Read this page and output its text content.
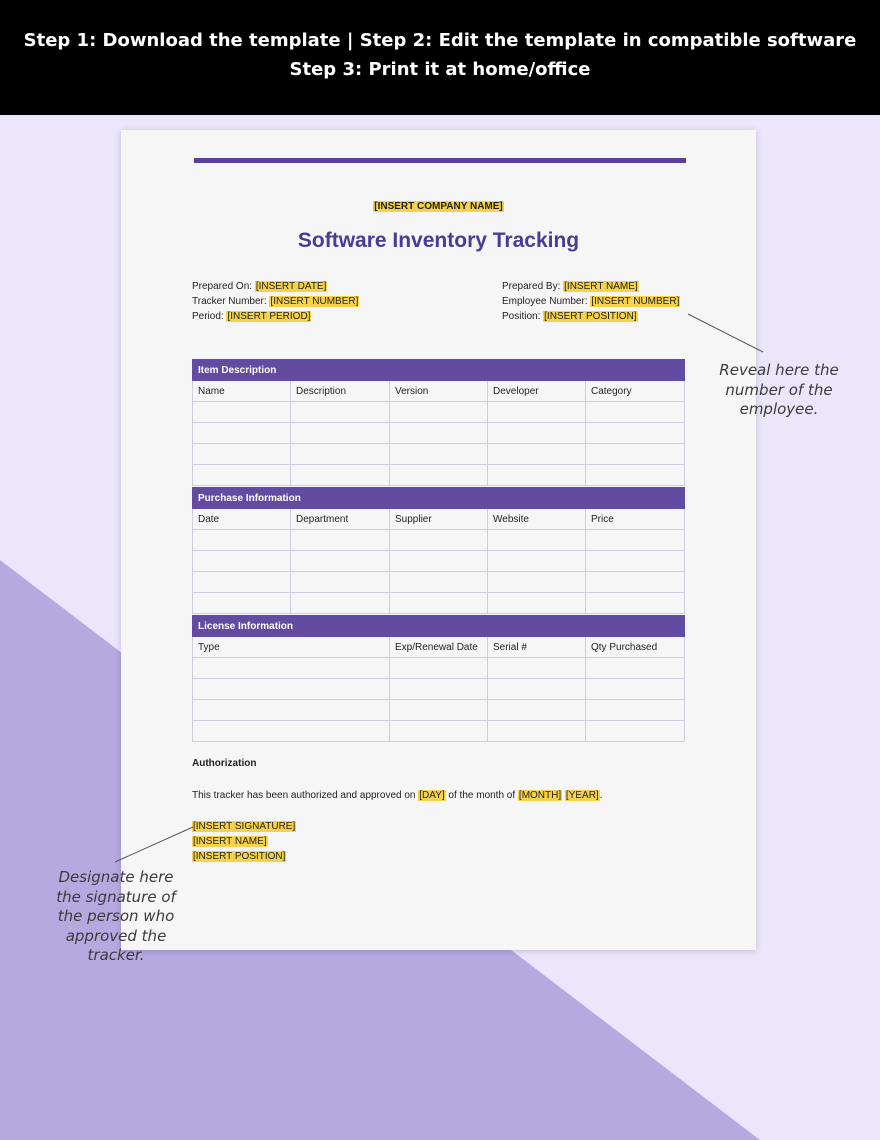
Step 1: Download the template | Step 2: Edit the template in compatible software
Step 3: Print it at home/office
[INSERT COMPANY NAME]
Software Inventory Tracking
Prepared On: [INSERT DATE]
Tracker Number: [INSERT NUMBER]
Period: [INSERT PERIOD]
Prepared By: [INSERT NAME]
Employee Number: [INSERT NUMBER]
Position: [INSERT POSITION]
Item Description				
Name	Description	Version	Developer	Category

Purchase Information				
Date	Department	Supplier	Website	Price

License Information			
Type	Exp/Renewal Date	Serial #	Qty Purchased

Authorization
This tracker has been authorized and approved on [DAY] of the month of [MONTH] [YEAR].
[INSERT SIGNATURE]
[INSERT NAME]
[INSERT POSITION]
Reveal here the number of the employee.
Designate here the signature of the person who approved the tracker.
